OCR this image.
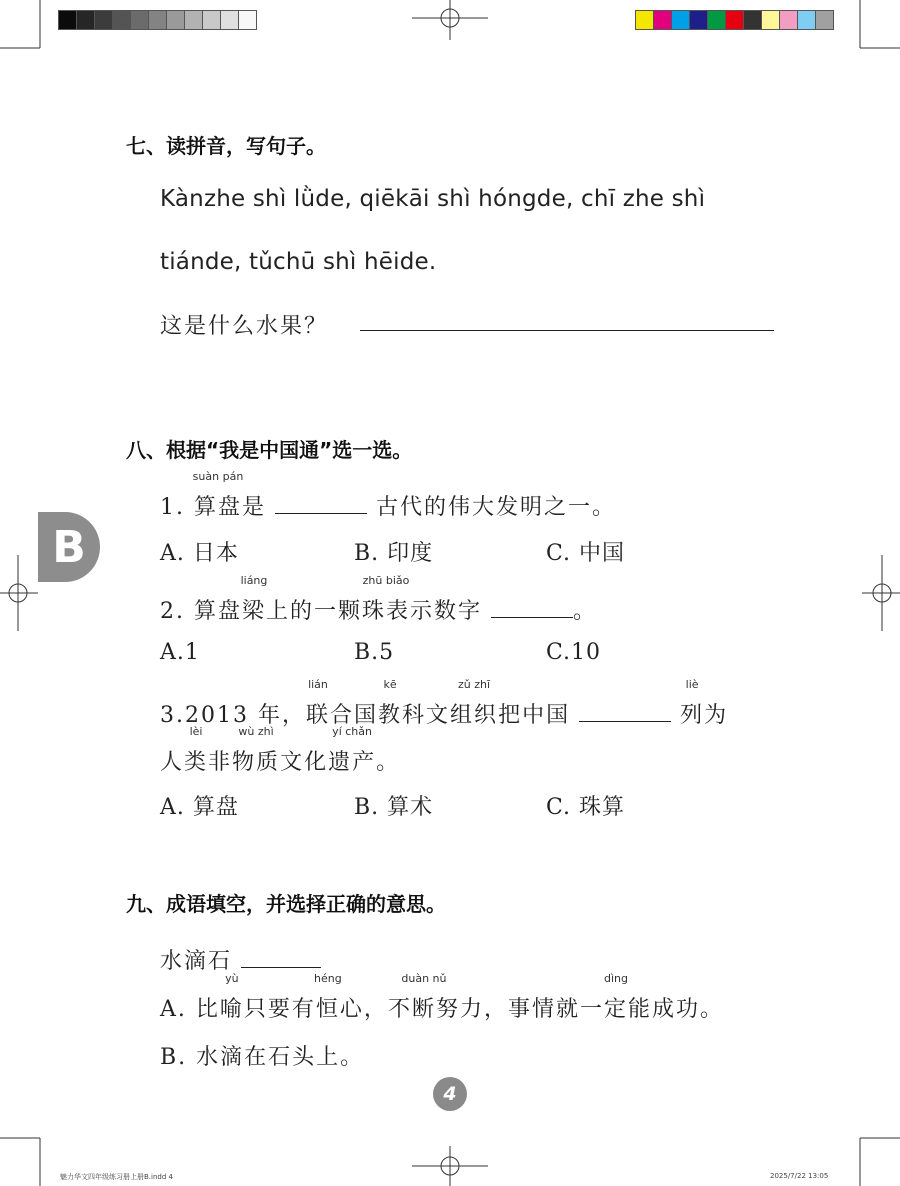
七、读拼音，写句子。
Kànzhe shì lǜde, qiēkāi shì hóngde, chī zhe shì
tiánde, tǔchū shì hēide.
这是什么水果？
八、根据“我是中国通”选一选。
1.
suàn pán
算盘是	古代的伟大发明之一。
A. 日本	B. 印度	C. 中国
2. 算盘
liáng
梁上的一颗
zhū biǎo
珠表示数字	。
A.1	B.5	C.10
3.2013 年，
lián
联合国
kē
教科文
zǔ zhī
组织把中国
liè
列为
人
lèi
类非
wù zhì
物质文化
yí chǎn
遗产。
A. 算盘	B. 算术	C. 珠算
九、成语填空，并选择正确的意思。
水滴石
A. 比
yù
喻只要有
héng
恒心，
duàn nǔ
不断努力，事情就一
dìng
定能成功。
B. 水滴在石头上。
B
4
魅力华文四年级练习册上册B.indd 4	2025/7/22 13:05
